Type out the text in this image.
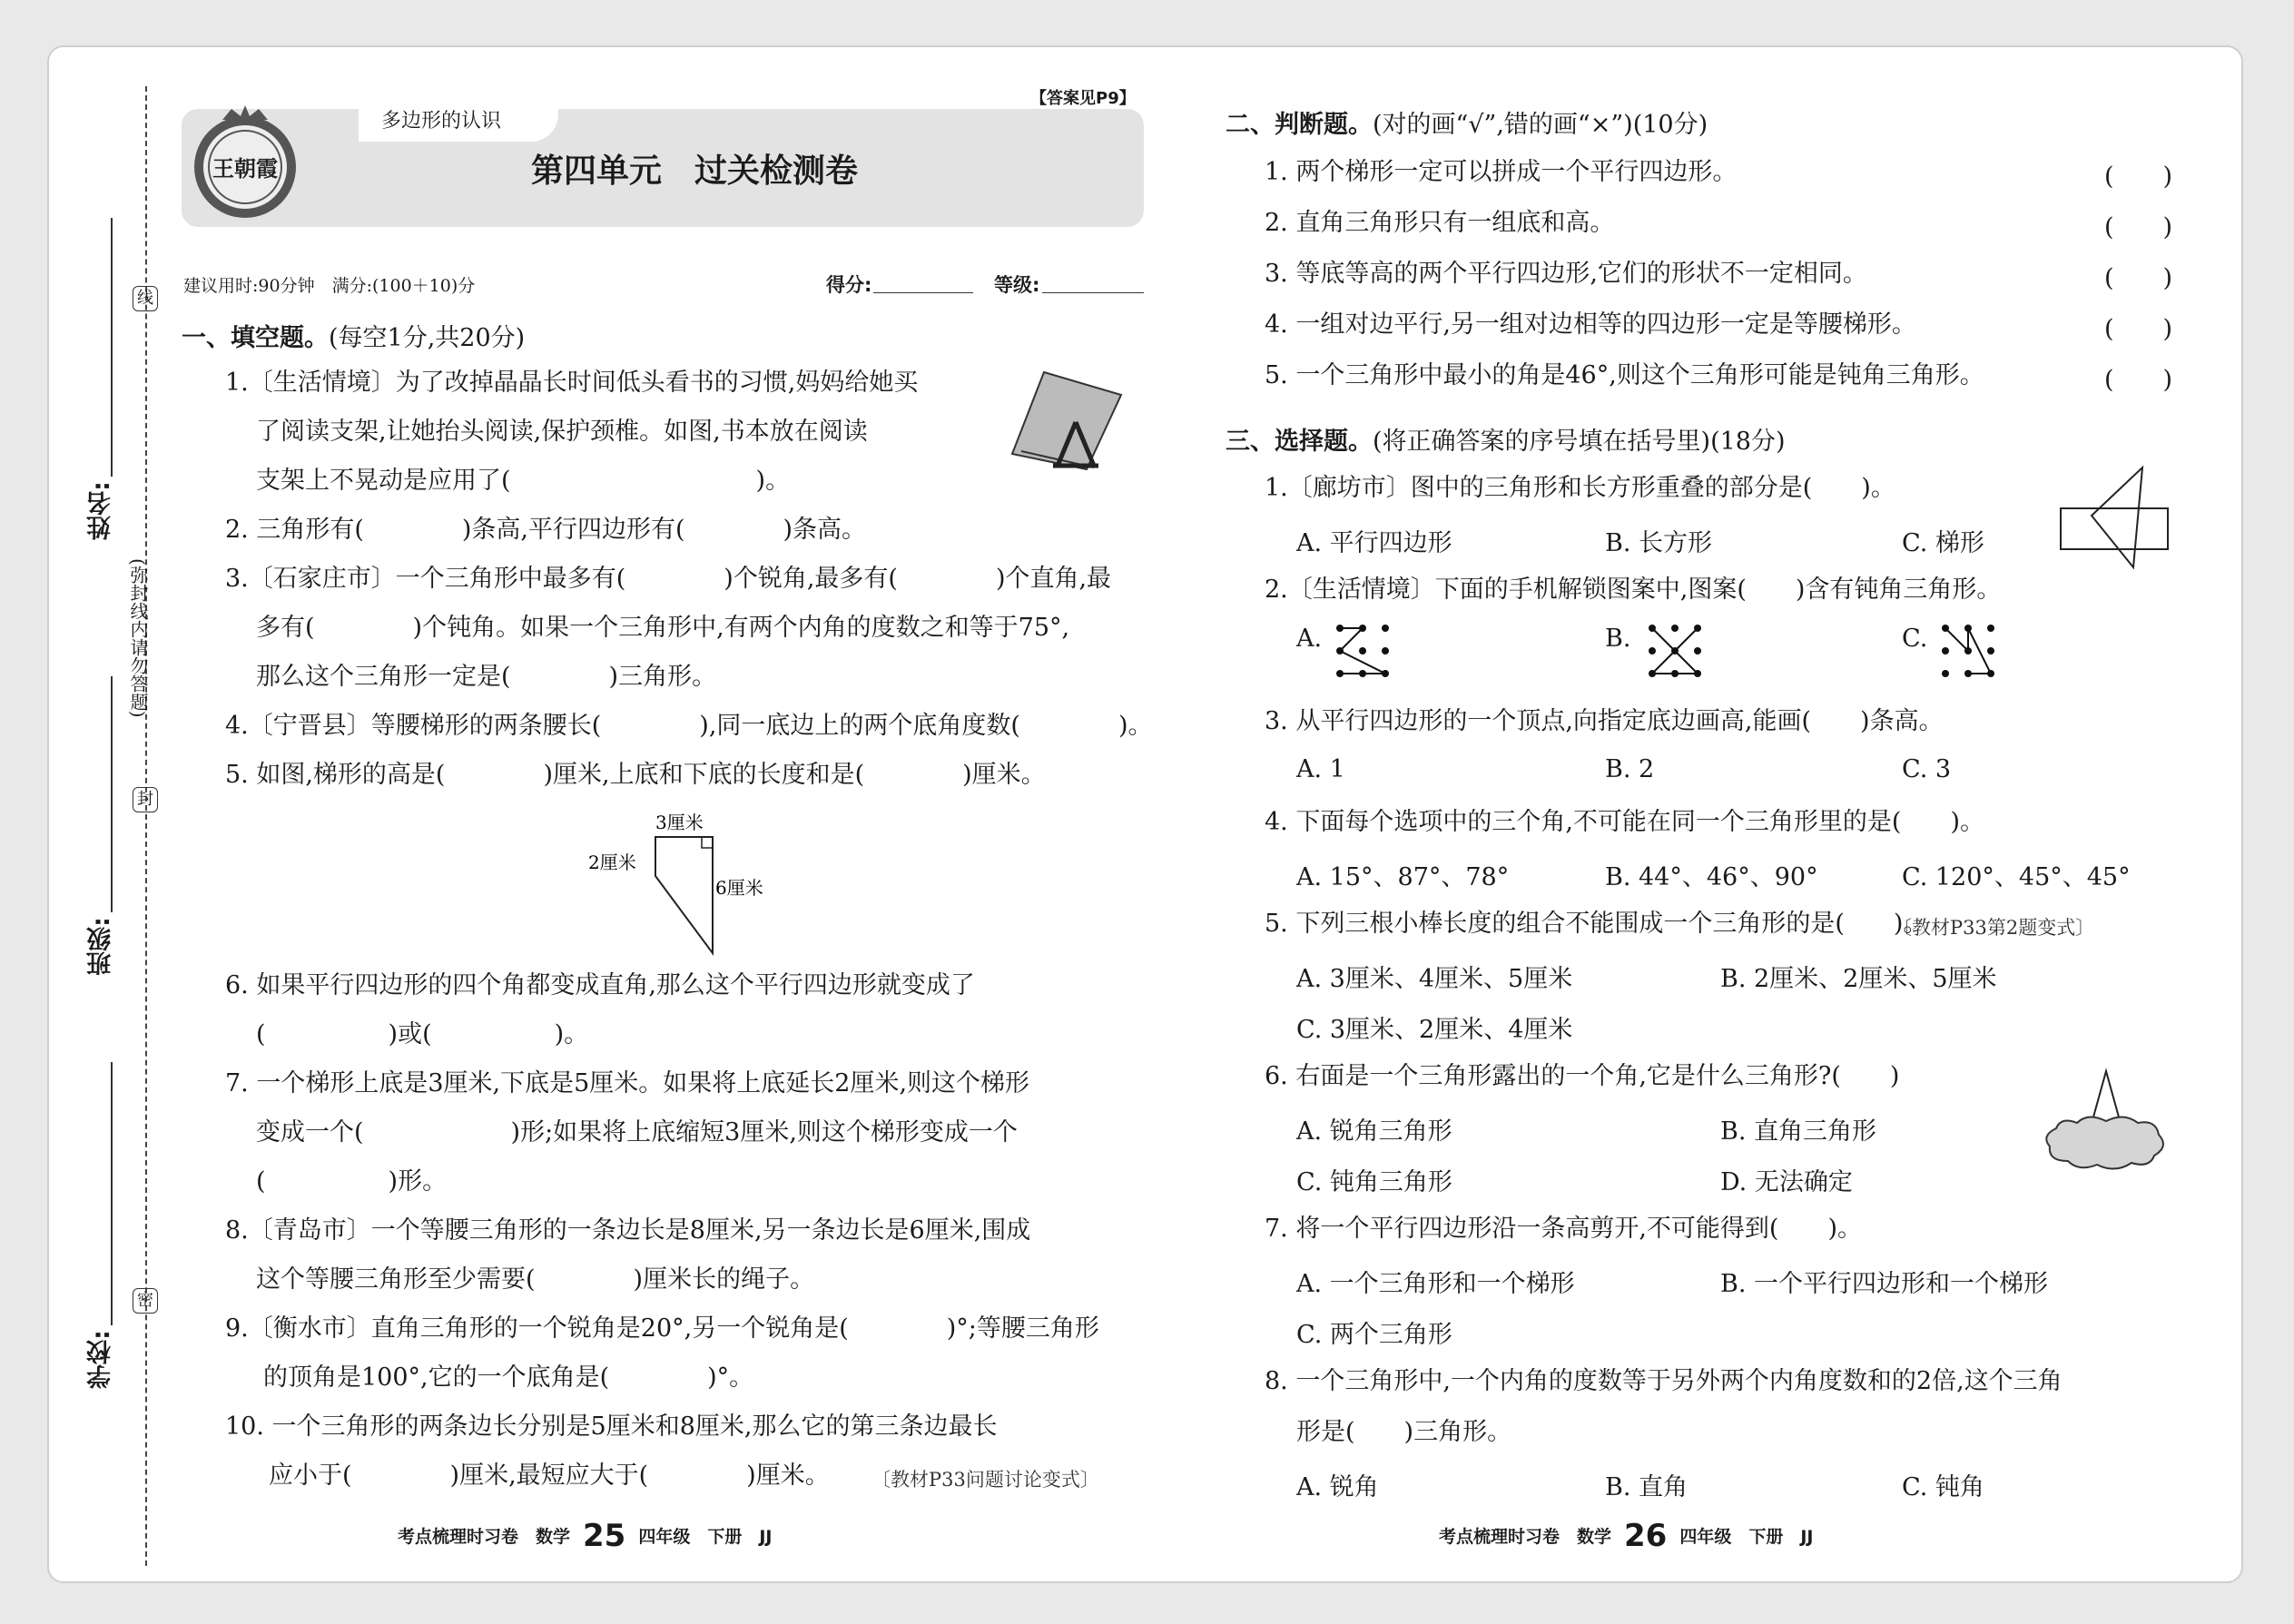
线
封
密
(弥封线内请勿答题)
姓名:
班级:
学校:
多边形的认识
【答案见P9】
第四单元　过关检测卷
王朝霞
建议用时:90分钟　满分:(100＋10)分	得分:	等级:
一、填空题。(每空1分,共20分)
1.〔生活情境〕为了改掉晶晶长时间低头看书的习惯,妈妈给她买
了阅读支架,让她抬头阅读,保护颈椎。如图,书本放在阅读
支架上不晃动是应用了(　　　　　　　　　　)。
2. 三角形有(　　　　)条高,平行四边形有(　　　　)条高。
3.〔石家庄市〕一个三角形中最多有(　　　　)个锐角,最多有(　　　　)个直角,最
多有(　　　　)个钝角。如果一个三角形中,有两个内角的度数之和等于75°,
那么这个三角形一定是(　　　　)三角形。
4.〔宁晋县〕等腰梯形的两条腰长(　　　　),同一底边上的两个底角度数(　　　　)。
5. 如图,梯形的高是(　　　　)厘米,上底和下底的长度和是(　　　　)厘米。
3厘米
2厘米
6厘米
6. 如果平行四边形的四个角都变成直角,那么这个平行四边形就变成了
(　　　　　)或(　　　　　)。
7. 一个梯形上底是3厘米,下底是5厘米。如果将上底延长2厘米,则这个梯形
变成一个(　　　　　　)形;如果将上底缩短3厘米,则这个梯形变成一个
(　　　　　)形。
8.〔青岛市〕一个等腰三角形的一条边长是8厘米,另一条边长是6厘米,围成
这个等腰三角形至少需要(　　　　)厘米长的绳子。
9.〔衡水市〕直角三角形的一个锐角是20°,另一个锐角是(　　　　)°;等腰三角形
的顶角是100°,它的一个底角是(　　　　)°。
10. 一个三角形的两条边长分别是5厘米和8厘米,那么它的第三条边最长
应小于(　　　　)厘米,最短应大于(　　　　)厘米。 〔教材P33问题讨论变式〕
考点梳理时习卷　数学 25 四年级　下册　JJ
二、判断题。(对的画“√”,错的画“×”)(10分)
1. 两个梯形一定可以拼成一个平行四边形。	(　　)
2. 直角三角形只有一组底和高。	(　　)
3. 等底等高的两个平行四边形,它们的形状不一定相同。	(　　)
4. 一组对边平行,另一组对边相等的四边形一定是等腰梯形。	(　　)
5. 一个三角形中最小的角是46°,则这个三角形可能是钝角三角形。	(　　)
三、选择题。(将正确答案的序号填在括号里)(18分)
1.〔廊坊市〕图中的三角形和长方形重叠的部分是(　　)。
A. 平行四边形	B. 长方形	C. 梯形
2.〔生活情境〕下面的手机解锁图案中,图案(　　)含有钝角三角形。
A.	B.	C.
3. 从平行四边形的一个顶点,向指定底边画高,能画(　　)条高。
A. 1	B. 2	C. 3
4. 下面每个选项中的三个角,不可能在同一个三角形里的是(　　)。
A. 15°、87°、78°	B. 44°、46°、90°	C. 120°、45°、45°
5. 下列三根小棒长度的组合不能围成一个三角形的是(　　)。
〔教材P33第2题变式〕
A. 3厘米、4厘米、5厘米	B. 2厘米、2厘米、5厘米
C. 3厘米、2厘米、4厘米
6. 右面是一个三角形露出的一个角,它是什么三角形?(　　)
A. 锐角三角形	B. 直角三角形
C. 钝角三角形	D. 无法确定
7. 将一个平行四边形沿一条高剪开,不可能得到(　　)。
A. 一个三角形和一个梯形	B. 一个平行四边形和一个梯形
C. 两个三角形
8. 一个三角形中,一个内角的度数等于另外两个内角度数和的2倍,这个三角
形是(　　)三角形。
A. 锐角	B. 直角	C. 钝角
考点梳理时习卷　数学 26 四年级　下册　JJ
